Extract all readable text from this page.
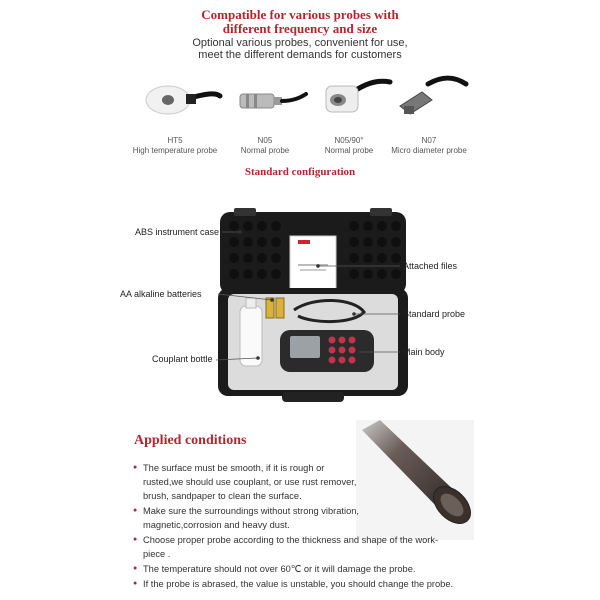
Compatible for various probes with
different frequency and size
Optional various probes, convenient for use,
meet the different demands for customers
HT5
High temperature probe
N05
Normal probe
N05/90°
Normal probe
N07
Micro diameter probe
Standard configuration
ABS instrument case
AA alkaline batteries
Couplant bottle
Attached files
Standard probe
Main body
Applied conditions
● The surface must be smooth, if it is rough or
rusted,we should use couplant, or use rust remover,
brush, sandpaper to clean the surface.
● Make sure the surroundings without strong vibration,
magnetic,corrosion and heavy dust.
● Choose proper probe according to the thickness and shape of the work-
piece .
● The temperature should not over 60℃ or it will damage the probe.
● If the probe is abrased, the value is unstable, you should change the probe.
